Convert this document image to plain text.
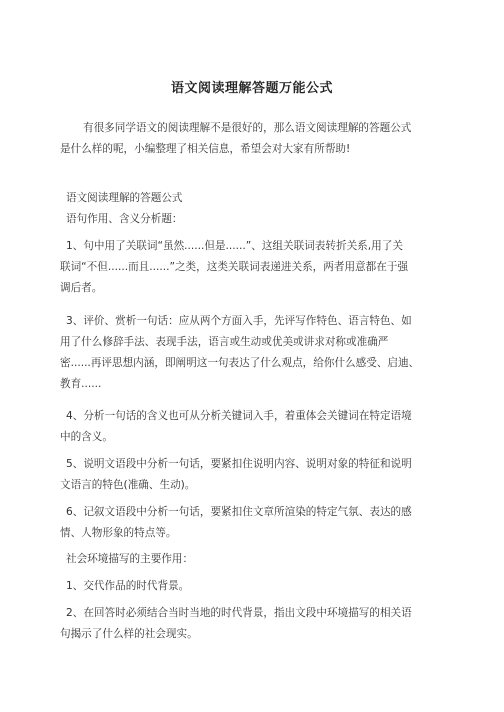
语文阅读理解答题万能公式
有很多同学语文的阅读理解不是很好的，那么语文阅读理解的答题公式
是什么样的呢，小编整理了相关信息，希望会对大家有所帮助!
语文阅读理解的答题公式
语句作用、含义分析题：
1、句中用了关联词“虽然......但是......”、这组关联词表转折关系,用了关
联词“不但......而且......”之类，这类关联词表递进关系，两者用意都在于强
调后者。
3、评价、赏析一句话：应从两个方面入手，先评写作特色、语言特色、如
用了什么修辞手法、表现手法，语言或生动或优美或讲求对称或准确严
密......再评思想内涵，即阐明这一句表达了什么观点，给你什么感受、启迪、
教育......
4、分析一句话的含义也可从分析关键词入手，着重体会关键词在特定语境
中的含义。
5、说明文语段中分析一句话，要紧扣住说明内容、说明对象的特征和说明
文语言的特色(准确、生动)。
6、记叙文语段中分析一句话，要紧扣住文章所渲染的特定气氛、表达的感
情、人物形象的特点等。
社会环境描写的主要作用：
1、交代作品的时代背景。
2、在回答时必须结合当时当地的时代背景，指出文段中环境描写的相关语
句揭示了什么样的社会现实。
